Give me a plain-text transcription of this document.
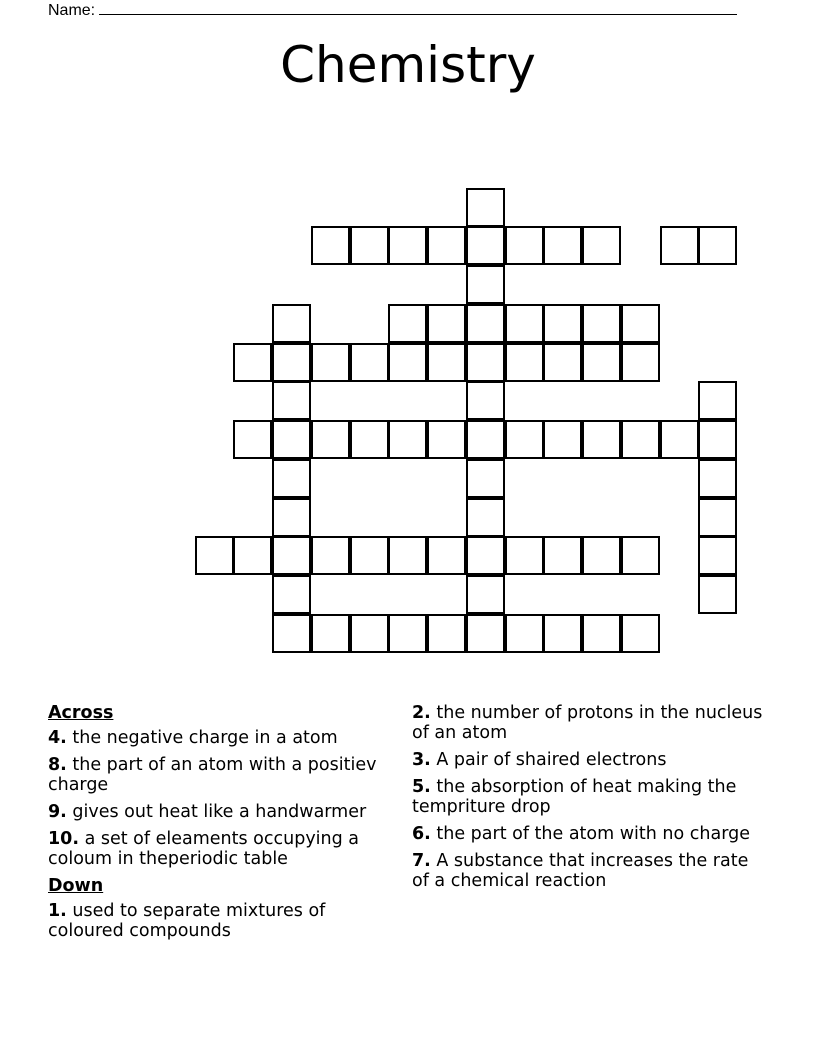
Name:
Chemistry
Across
4. the negative charge in a atom
8. the part of an atom with a positiev charge
9. gives out heat like a handwarmer
10. a set of eleaments occupying a coloum in theperiodic table
Down
1. used to separate mixtures of coloured compounds
2. the number of protons in the nucleus of an atom
3. A pair of shaired electrons
5. the absorption of heat making the tempriture drop
6. the part of the atom with no charge
7. A substance that increases the rate of a chemical reaction
